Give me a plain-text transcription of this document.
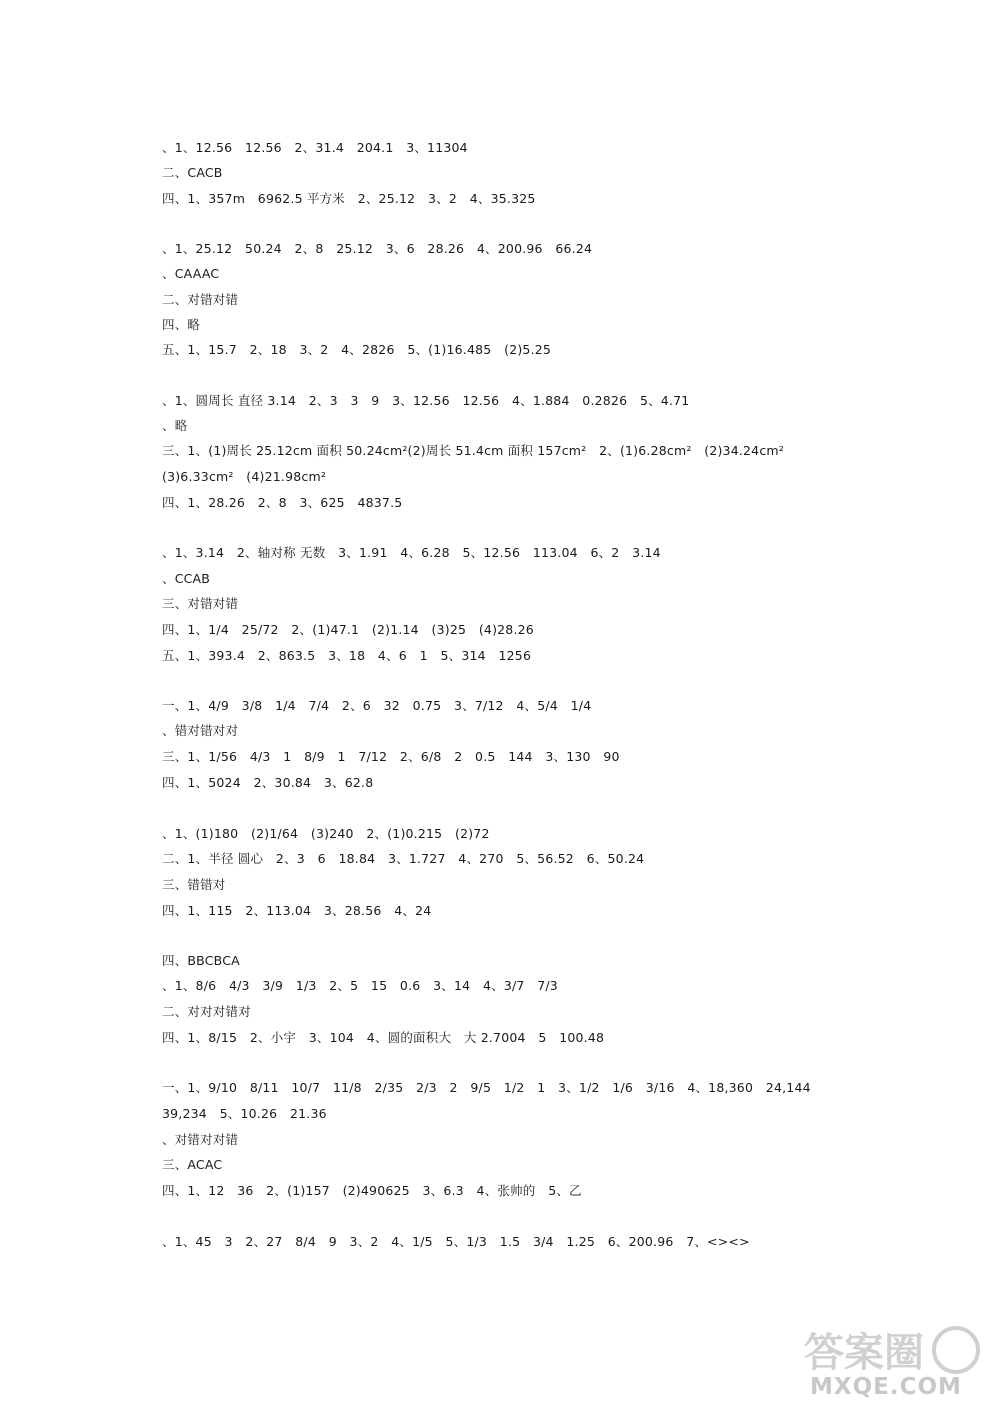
、1、12.56　12.56　2、31.4　204.1　3、11304
二、CACB
四、1、357m　6962.5 平方米　2、25.12　3、2　4、35.325
、1、25.12　50.24　2、8　25.12　3、6　28.26　4、200.96　66.24
、CAAAC
二、对错对错
四、略
五、1、15.7　2、18　3、2　4、2826　5、(1)16.485　(2)5.25
、1、圆周长 直径 3.14　2、3　3　9　3、12.56　12.56　4、1.884　0.2826　5、4.71
、略
三、1、(1)周长 25.12cm 面积 50.24cm²(2)周长 51.4cm 面积 157cm²　2、(1)6.28cm²　(2)34.24cm²
(3)6.33cm²　(4)21.98cm²
四、1、28.26　2、8　3、625　4837.5
、1、3.14　2、轴对称 无数　3、1.91　4、6.28　5、12.56　113.04　6、2　3.14
、CCAB
三、对错对错
四、1、1/4　25/72　2、(1)47.1　(2)1.14　(3)25　(4)28.26
五、1、393.4　2、863.5　3、18　4、6　1　5、314　1256
一、1、4/9　3/8　1/4　7/4　2、6　32　0.75　3、7/12　4、5/4　1/4
、错对错对对
三、1、1/56　4/3　1　8/9　1　7/12　2、6/8　2　0.5　144　3、130　90
四、1、5024　2、30.84　3、62.8
、1、(1)180　(2)1/64　(3)240　2、(1)0.215　(2)72
二、1、半径 圆心　2、3　6　18.84　3、1.727　4、270　5、56.52　6、50.24
三、错错对
四、1、115　2、113.04　3、28.56　4、24
四、BBCBCA
、1、8/6　4/3　3/9　1/3　2、5　15　0.6　3、14　4、3/7　7/3
二、对对对错对
四、1、8/15　2、小宇　3、104　4、圆的面积大　大 2.7004　5　100.48
一、1、9/10　8/11　10/7　11/8　2/35　2/3　2　9/5　1/2　1　3、1/2　1/6　3/16　4、18,360　24,144
39,234　5、10.26　21.36
、对错对对错
三、ACAC
四、1、12　36　2、(1)157　(2)490625　3、6.3　4、张帅的　5、乙
、1、45　3　2、27　8/4　9　3、2　4、1/5　5、1/3　1.5　3/4　1.25　6、200.96　7、<><>
答案圈
MXQE.COM
